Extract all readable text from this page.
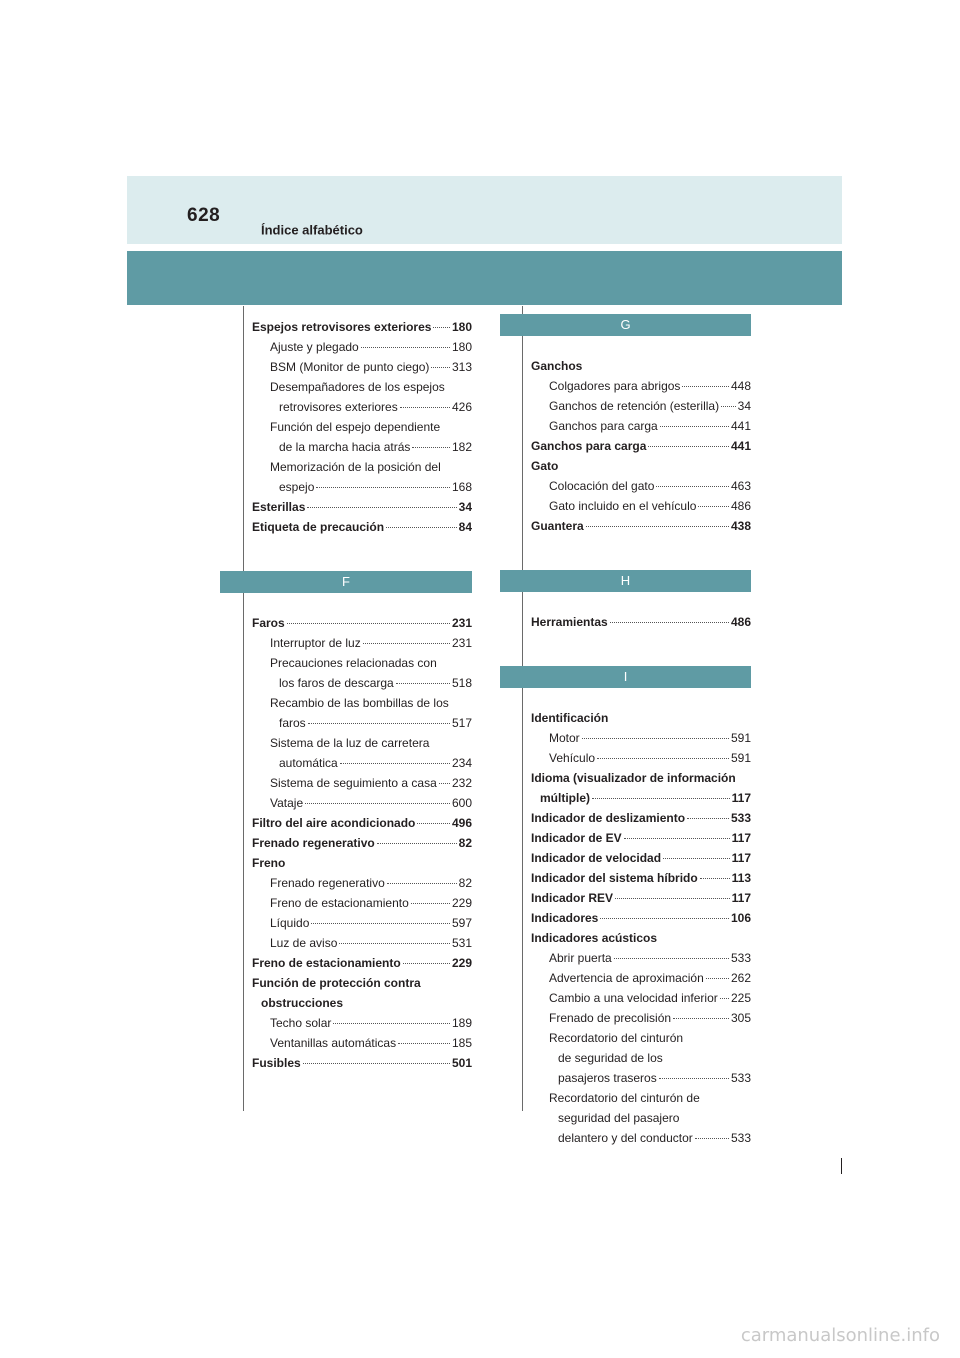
628
Índice alfabético
Espejos retrovisores exteriores 180
Ajuste y plegado	180
BSM (Monitor de punto ciego) 313
Desempañadores de los espejos
retrovisores exteriores	426
Función del espejo dependiente
de la marcha hacia atrás	182
Memorización de la posición del
espejo	168
Esterillas	34
Etiqueta de precaución	84
F
Faros	231
Interruptor de luz	231
Precauciones relacionadas con
los faros de descarga	518
Recambio de las bombillas de los
faros	517
Sistema de la luz de carretera
automática	234
Sistema de seguimiento a casa 232
Vataje	600
Filtro del aire acondicionado	496
Frenado regenerativo	82
Freno
Frenado regenerativo	82
Freno de estacionamiento	229
Líquido	597
Luz de aviso	531
Freno de estacionamiento	229
Función de protección contra
obstrucciones
Techo solar	189
Ventanillas automáticas	185
Fusibles	501
G
Ganchos
Colgadores para abrigos	448
Ganchos de retención (esterilla) 34
Ganchos para carga	441
Ganchos para carga	441
Gato
Colocación del gato	463
Gato incluido en el vehículo	486
Guantera	438
H
Herramientas	486
I
Identificación
Motor	591
Vehículo	591
Idioma (visualizador de información
múltiple)	117
Indicador de deslizamiento	533
Indicador de EV	117
Indicador de velocidad	117
Indicador del sistema híbrido	113
Indicador REV	117
Indicadores	106
Indicadores acústicos
Abrir puerta	533
Advertencia de aproximación 262
Cambio a una velocidad inferior 225
Frenado de precolisión	305
Recordatorio del cinturón
de seguridad de los
pasajeros traseros	533
Recordatorio del cinturón de
seguridad del pasajero
delantero y del conductor	533
carmanualsonline.info
